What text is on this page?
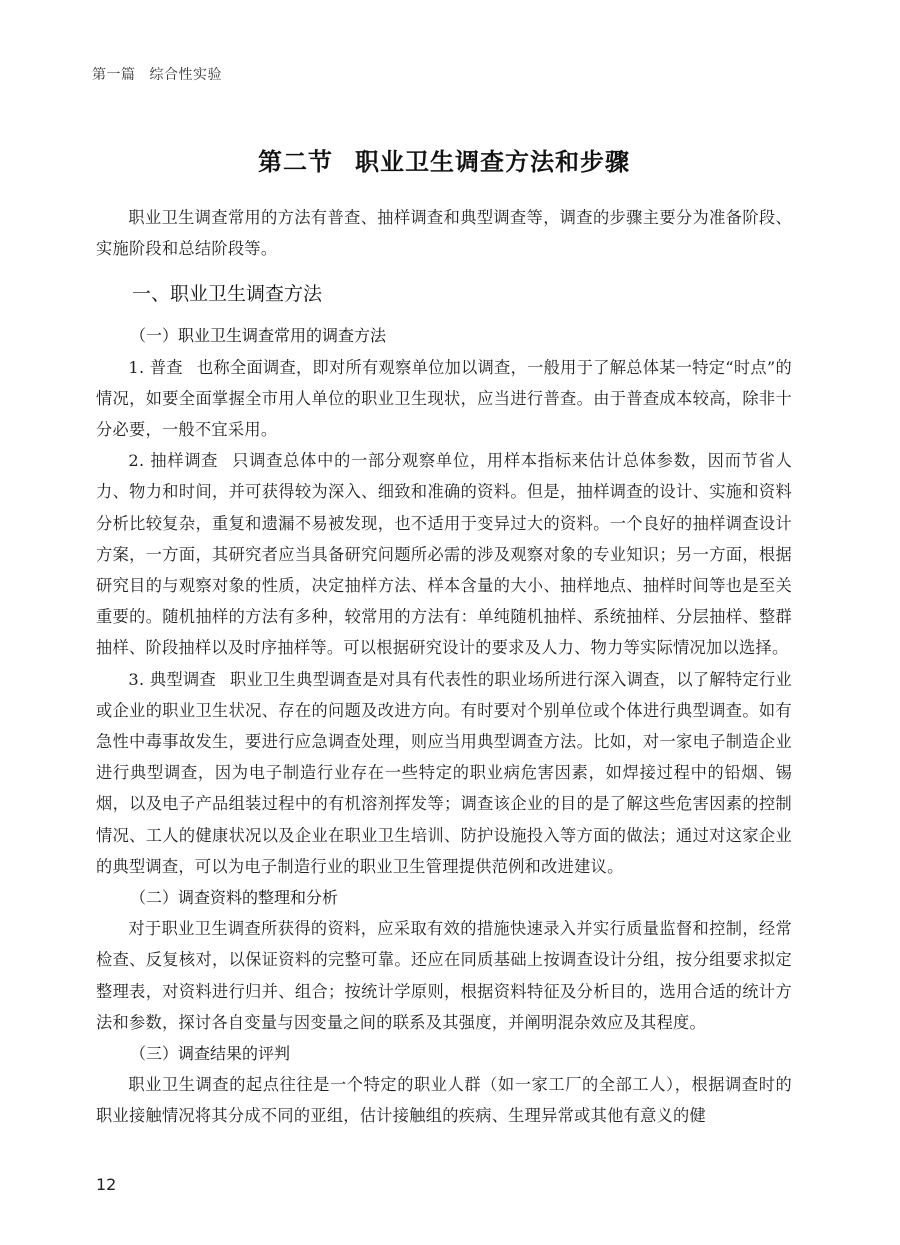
第一篇 综合性实验
第二节 职业卫生调查方法和步骤

职业卫生调查常用的方法有普查、抽样调查和典型调查等，调查的步骤主要分为准备阶段、实施阶段和总结阶段等。

一、职业卫生调查方法
（一）职业卫生调查常用的调查方法

1. 普查 也称全面调查，即对所有观察单位加以调查，一般用于了解总体某一特定“时点”的情况，如要全面掌握全市用人单位的职业卫生现状，应当进行普查。由于普查成本较高，除非十分必要，一般不宜采用。

2. 抽样调查 只调查总体中的一部分观察单位，用样本指标来估计总体参数，因而节省人力、物力和时间，并可获得较为深入、细致和准确的资料。但是，抽样调查的设计、实施和资料分析比较复杂，重复和遗漏不易被发现，也不适用于变异过大的资料。一个良好的抽样调查设计方案，一方面，其研究者应当具备研究问题所必需的涉及观察对象的专业知识；另一方面，根据研究目的与观察对象的性质，决定抽样方法、样本含量的大小、抽样地点、抽样时间等也是至关重要的。随机抽样的方法有多种，较常用的方法有：单纯随机抽样、系统抽样、分层抽样、整群抽样、阶段抽样以及时序抽样等。可以根据研究设计的要求及人力、物力等实际情况加以选择。

3. 典型调查 职业卫生典型调查是对具有代表性的职业场所进行深入调查，以了解特定行业或企业的职业卫生状况、存在的问题及改进方向。有时要对个别单位或个体进行典型调查。如有急性中毒事故发生，要进行应急调查处理，则应当用典型调查方法。比如，对一家电子制造企业进行典型调查，因为电子制造行业存在一些特定的职业病危害因素，如焊接过程中的铅烟、锡烟，以及电子产品组装过程中的有机溶剂挥发等；调查该企业的目的是了解这些危害因素的控制情况、工人的健康状况以及企业在职业卫生培训、防护设施投入等方面的做法；通过对这家企业的典型调查，可以为电子制造行业的职业卫生管理提供范例和改进建议。

（二）调查资料的整理和分析

对于职业卫生调查所获得的资料，应采取有效的措施快速录入并实行质量监督和控制，经常检查、反复核对，以保证资料的完整可靠。还应在同质基础上按调查设计分组，按分组要求拟定整理表，对资料进行归并、组合；按统计学原则，根据资料特征及分析目的，选用合适的统计方法和参数，探讨各自变量与因变量之间的联系及其强度，并阐明混杂效应及其程度。

（三）调查结果的评判

职业卫生调查的起点往往是一个特定的职业人群（如一家工厂的全部工人），根据调查时的职业接触情况将其分成不同的亚组，估计接触组的疾病、生理异常或其他有意义的健

12
